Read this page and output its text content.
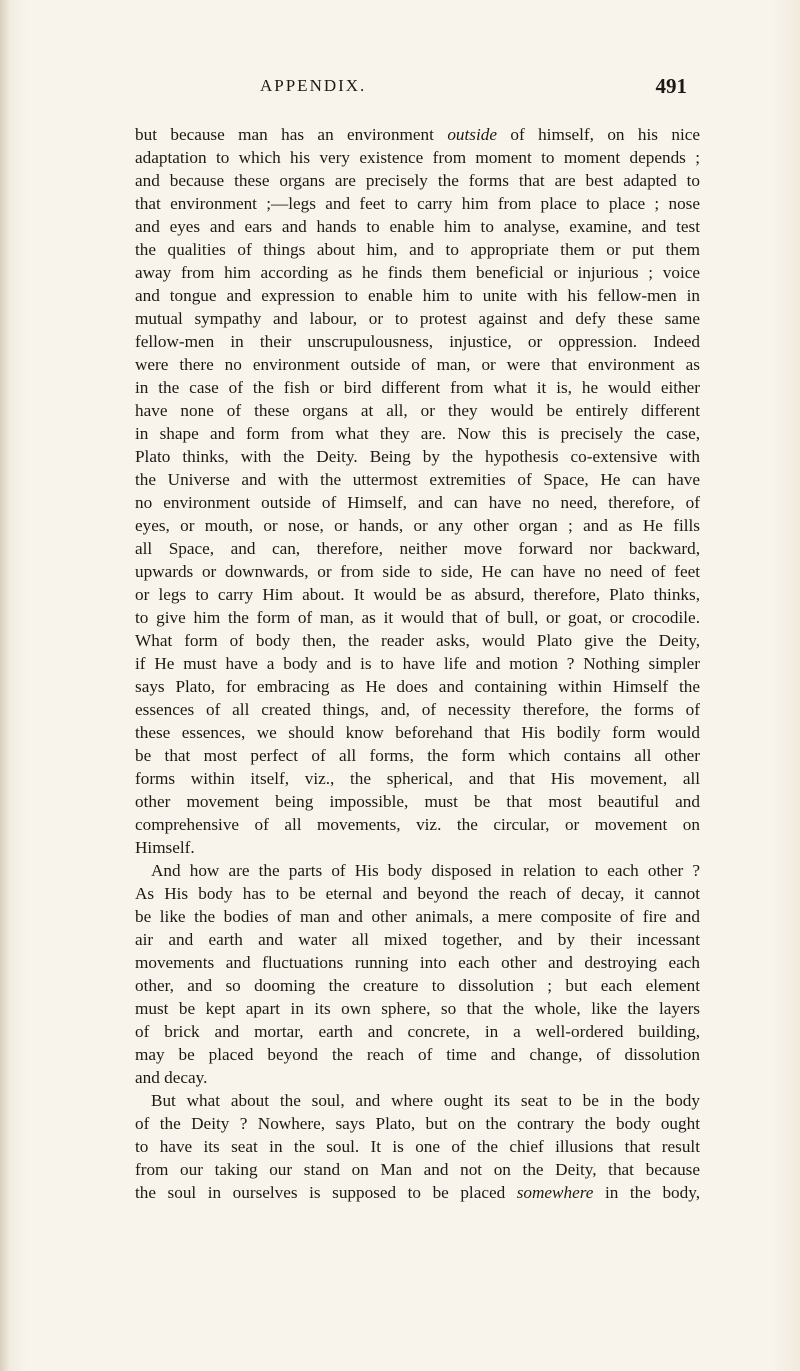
APPENDIX.	491
but because man has an environment outside of himself, on his nice
adaptation to which his very existence from moment to moment depends ;
and because these organs are precisely the forms that are best adapted to
that environment ;—legs and feet to carry him from place to place ; nose
and eyes and ears and hands to enable him to analyse, examine, and test
the qualities of things about him, and to appropriate them or put them
away from him according as he finds them beneficial or injurious ; voice
and tongue and expression to enable him to unite with his fellow-men in
mutual sympathy and labour, or to protest against and defy these same
fellow-men in their unscrupulousness, injustice, or oppression. Indeed
were there no environment outside of man, or were that environment as
in the case of the fish or bird different from what it is, he would either
have none of these organs at all, or they would be entirely different
in shape and form from what they are. Now this is precisely the case,
Plato thinks, with the Deity. Being by the hypothesis co-extensive with
the Universe and with the uttermost extremities of Space, He can have
no environment outside of Himself, and can have no need, therefore, of
eyes, or mouth, or nose, or hands, or any other organ ; and as He fills
all Space, and can, therefore, neither move forward nor backward,
upwards or downwards, or from side to side, He can have no need of feet
or legs to carry Him about. It would be as absurd, therefore, Plato thinks,
to give him the form of man, as it would that of bull, or goat, or crocodile.
What form of body then, the reader asks, would Plato give the Deity,
if He must have a body and is to have life and motion ? Nothing simpler
says Plato, for embracing as He does and containing within Himself the
essences of all created things, and, of necessity therefore, the forms of
these essences, we should know beforehand that His bodily form would
be that most perfect of all forms, the form which contains all other
forms within itself, viz., the spherical, and that His movement, all
other movement being impossible, must be that most beautiful and
comprehensive of all movements, viz. the circular, or movement on
Himself.
And how are the parts of His body disposed in relation to each other ?
As His body has to be eternal and beyond the reach of decay, it cannot
be like the bodies of man and other animals, a mere composite of fire and
air and earth and water all mixed together, and by their incessant
movements and fluctuations running into each other and destroying each
other, and so dooming the creature to dissolution ; but each element
must be kept apart in its own sphere, so that the whole, like the layers
of brick and mortar, earth and concrete, in a well-ordered building,
may be placed beyond the reach of time and change, of dissolution
and decay.
But what about the soul, and where ought its seat to be in the body
of the Deity ? Nowhere, says Plato, but on the contrary the body ought
to have its seat in the soul. It is one of the chief illusions that result
from our taking our stand on Man and not on the Deity, that because
the soul in ourselves is supposed to be placed somewhere in the body,
